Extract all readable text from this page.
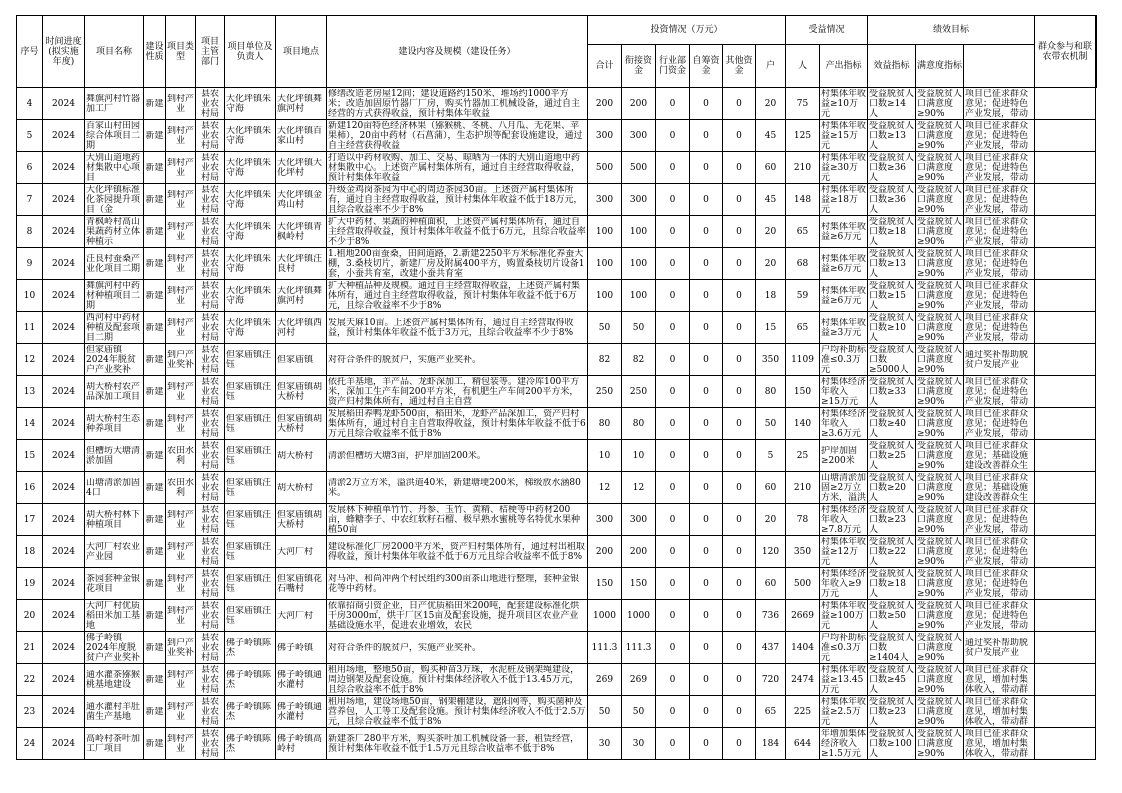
序号	时间进度(拟实施年度)	项目名称	建设性质	项目类型	项目主管部门	项目单位及负责人	项目地点	建设内容及规模（建设任务）	投资情况（万元）						受益情况		绩效目标			群众参与和联农带农机制	
									合计	衔接资金	行业部门资金	自筹资金	其他资金	户	人	产出指标	效益指标	满意度指标			

4	2024	舞旗河村竹器加工厂	新建	到村产业	县农业农村局	大化坪镇朱守海	大化坪镇舞旗河村	修缮改造老房屋12间；建设道路约150米、堆场约1000平方米；改造加固原竹器厂厂房，购买竹器加工机械设备，通过自主经营的方式获得收益，预计村集体年收益	200	200	0	0	0	20	75	村集体年收益≥10万元	受益脱贫人口数≥14人	受益脱贫人口满意度≥90%	项目已征求群众意见；促进特色产业发展，带动		

5	2024	百家山村田园综合体项目二期	新建	到村产业	县农业农村局	大化坪镇朱守海	大化坪镇百家山村	新建120亩特色经济林果（猕猴桃、冬桃、八月瓜、无花果、苹果柿），20亩中药材（石菖蒲），生态护坝等配套设施建设，通过自主经营获得收益	300	300	0	0	0	45	125	村集体年收益≥15万元	受益脱贫人口数≥13人	受益脱贫人口满意度≥90%	项目已征求群众意见；促进特色产业发展，带动		

6	2024	大别山道地药材集散中心项目	新建	到村产业	县农业农村局	大化坪镇朱守海	大化坪镇大化坪村	打造以中药材收购、加工、交易、晾晒为一体的大别山道地中药材集散中心。上述资产属村集体所有，通过自主经营取得收益，预计村集体年收益	500	500	0	0	0	60	210	村集体年收益≥30万元	受益脱贫人口数≥36人	受益脱贫人口满意度≥90%	项目已征求群众意见；促进特色产业发展，带动		

7	2024	大化坪镇标准化茶园提升项目（金	新建	到村产业	县农业农村局	大化坪镇朱守海	大化坪镇金鸡山村	升级金鸡岗茶园为中心的周边茶园30亩。上述资产属村集体所有，通过自主经营取得收益，预计村集体年收益不低于18万元，且综合收益率不少于8%	300	300	0	0	0	45	148	村集体年收益≥18万元	受益脱贫人口数≥36人	受益脱贫人口满意度≥90%	项目已征求群众意见；促进特色产业发展，带动		

8	2024	青枫岭村高山果蔬药材立体种植示	新建	到村产业	县农业农村局	大化坪镇朱守海	大化坪镇青枫岭村	扩大中药材、果蔬的种植面积，上述资产属村集体所有，通过自主经营取得收益，预计村集体年收益不低于6万元，且综合收益率不少于8%	100	100	0	0	0	20	65	村集体年收益≥6万元	受益脱贫人口数≥18人	受益脱贫人口满意度≥90%	项目已征求群众意见；促进特色产业发展，带动		

9	2024	汪良村蚕桑产业化项目二期	新建	到村产业	县农业农村局	大化坪镇朱守海	大化坪镇汪良村	1.租地200亩蚕桑，田间道路，2.新建2250平方米标准化养蚕大棚，3.桑枝切片，新建厂房及附属400平方，购置桑枝切片设备1套，小蚕共育室，改建小蚕共育室	100	100	0	0	0	20	68	村集体年收益≥6万元	受益脱贫人口数≥13人	受益脱贫人口满意度≥90%	项目已征求群众意见；促进特色产业发展，带动		

10	2024	舞旗河村中药材种植项目二期	新建	到村产业	县农业农村局	大化坪镇朱守海	大化坪镇舞旗河村	扩大种植品种及规模。通过自主经营取得收益，上述资产属村集体所有，通过自主经营取得收益，预计村集体年收益不低于6万元，且综合收益率不少于8%	100	100	0	0	0	18	59	村集体年收益≥6万元	受益脱贫人口数≥15人	受益脱贫人口满意度≥90%	项目已征求群众意见；促进特色产业发展，带动		

11	2024	西河村中药材种植及配套项目二期	新建	到村产业	县农业农村局	大化坪镇朱守海	大化坪镇西河村	发展天麻10亩。上述资产属村集体所有，通过自主经营取得收益，预计村集体年收益不低于3万元，且综合收益率不少于8%	50	50	0	0	0	15	65	村集体年收益≥3万元	受益脱贫人口数≥10人	受益脱贫人口满意度≥90%	项目已征求群众意见；促进特色产业发展，带动		

12	2024	但家庙镇2024年脱贫户产业奖补	新建	到户产业奖补	县农业农村局	但家庙镇汪钰	但家庙镇	对符合条件的脱贫户，实施产业奖补。	82	82	0	0	0	350	1109	户均补助标准≤0.3万元	受益脱贫人口数≥5000人	受益脱贫人口满意度≥90%	通过奖补帮助脱贫户发展产业		

13	2024	胡大桥村农产品深加工项目	新建	到村产业	县农业农村局	但家庙镇汪钰	但家庙镇胡大桥村	依托羊基地，羊产品、龙虾深加工，精包装等。建冷库100平方米，深加工生产车间200平方米，有机肥生产车间200平方米，资产归村集体所有，通过村自主自营	250	250	0	0	0	80	150	村集体经济年收入≥15万元	受益脱贫人口数≥33人	受益脱贫人口满意度≥90%	项目已征求群众意见；促进特色产业发展，带动		

14	2024	胡大桥村生态种养项目	新建	到村产业	县农业农村局	但家庙镇汪钰	但家庙镇胡大桥村	发展稻田养鸭龙虾500亩，稻田米，龙虾产品深加工，资产归村集体所有，通过村自主自营取得收益，预计村集体年收益不低于6万元且综合收益率不低于8%	80	80	0	0	0	50	140	村集体经济年收入≥3.6万元	受益脱贫人口数≥40人	受益脱贫人口满意度≥90%	项目已征求群众意见；促进特色产业发展，带动		

15	2024	但槽坊大塘清淤加固	新建	农田水利	县农业农村局	但家庙镇汪钰	胡大桥村	清淤但槽坊大塘3亩，护岸加固200米。	10	10	0	0	0	5	25	护岸加固≥200米	受益脱贫人口数≥25人	受益脱贫人口满意度≥90%	项目已征求群众意见；基础设施建设改善群众生		

16	2024	山塘清淤加固4口	新建	农田水利	县农业农村局	但家庙镇汪钰	胡大桥村	清淤2万立方米，溢洪道40米，新建塘埂200米，梯级放水涵80米。	12	12	0	0	0	60	210	山塘清淤加固≥2万立方米，溢洪	受益脱贫人口数≥20人	受益脱贫人口满意度≥90%	项目已征求群众意见；基础设施建设改善群众生		

17	2024	胡大桥村林下种植项目	新建	到村产业	县农业农村局	但家庙镇汪钰	但家庙镇胡大桥村	发展林下种植单竹竹、丹参、玉竹、黄精、桔梗等中药材200亩，蜂糖李子、中农红软籽石榴、极早熟水蜜桃等名特优水果种植50亩	300	300	0	0	0	20	78	村集体经济年收入≥7.8万元	受益脱贫人口数≥23人	受益脱贫人口满意度≥90%	项目已征求群众意见；促进特色产业发展，带动		

18	2024	大河厂村农业产业园	新建	到村产业	县农业农村局	但家庙镇汪钰	大河厂村	建设标准化厂房2000平方米，资产归村集体所有，通过村出租取得收益，预计村集体年收益不低于6万元且综合收益率不低于8%	200	200	0	0	0	120	350	村集体年收益≥12万元	受益脱贫人口数≥22人	受益脱贫人口满意度≥90%	项目已征求群众意见；促进特色产业发展，带动		

19	2024	茶园套种金银花项目	新建	到村产业	县农业农村局	但家庙镇汪钰	但家庙镇花石嘴村	对马冲、和尚冲两个村民组约300亩茶山地进行整理，套种金银花等中药材。	150	150	0	0	0	60	500	村集体经济年收入≥9万元	受益脱贫人口数≥18人	受益脱贫人口满意度≥90%	项目已征求群众意见；促进特色产业发展，带动		

20	2024	大河厂村优质稻田米加工基地	新建	到村产业	县农业农村局	但家庙镇汪钰	大河厂村	依靠招商引资企业，日产优质稻田米200吨，配套建设标准化烘干房3000㎡，烘干厂区15亩及配套设施，提升项目区农业产业基础设施水平，促进农业增效，农民	1000	1000	0	0	0	736	2669	村集体年收益≥100万元	受益脱贫人口数≥50人	受益脱贫人口满意度≥90%	项目已征求群众意见；促进特色产业发展，带动		

21	2024	佛子岭镇2024年度脱贫户产业奖补	新建	到户产业奖补	县农业农村局	佛子岭镇陈杰	佛子岭镇	对符合条件的脱贫户，实施产业奖补。	111.3	111.3	0	0	0	437	1404	户均补助标准≤0.3万元	受益脱贫人口数≥1404人	受益脱贫人口满意度≥90%	通过奖补帮助脱贫户发展产业		

22	2024	通水灌茶猕猴桃基地建设	新建	到村产业	县农业农村局	佛子岭镇陈杰	佛子岭镇通水灌村	租用场地，整地50亩，购买种苗3万珠，水泥桩及钢架绳建设，周边钢架及配套设施。预计村集体经济收入不低于13.45万元，且综合收益率不低于8%	269	269	0	0	0	720	2474	村集体年收益≥13.45万元	受益脱贫人口数≥45人	受益脱贫人口满意度≥90%	项目已征求群众意见，增加村集体收入，带动群		

23	2024	通水灌村羊肚菌生产基地	新建	到村产业	县农业农村局	佛子岭镇陈杰	佛子岭镇通水灌村	租用场地，建设场地50亩，钢架棚建设，遮阳网等，购买菌种及营养包，人工等工及配套设施。预计村集体经济收入不低于2.5万元，且综合收益率不低于8%	50	50	0	0	0	65	225	村集体年收益≥2.5万元	受益脱贫人口数≥23人	受益脱贫人口满意度≥90%	项目已征求群众意见，增加村集体收入，带动群		

24	2024	高岭村茶叶加工厂项目	新建	到村产业	县农业农村局	佛子岭镇陈杰	佛子岭镇高岭村	新建茶厂280平方米，购买茶叶加工机械设备一套，租赁经营，预计村集体年收益不低于1.5万元且综合收益率不低于8%	30	30	0	0	0	184	644	年增加集体经济收入≥1.5万元	受益脱贫人口数≥100人	受益脱贫人口满意度≥90%	项目已征求群众意见，增加村集体收入，带动群		
